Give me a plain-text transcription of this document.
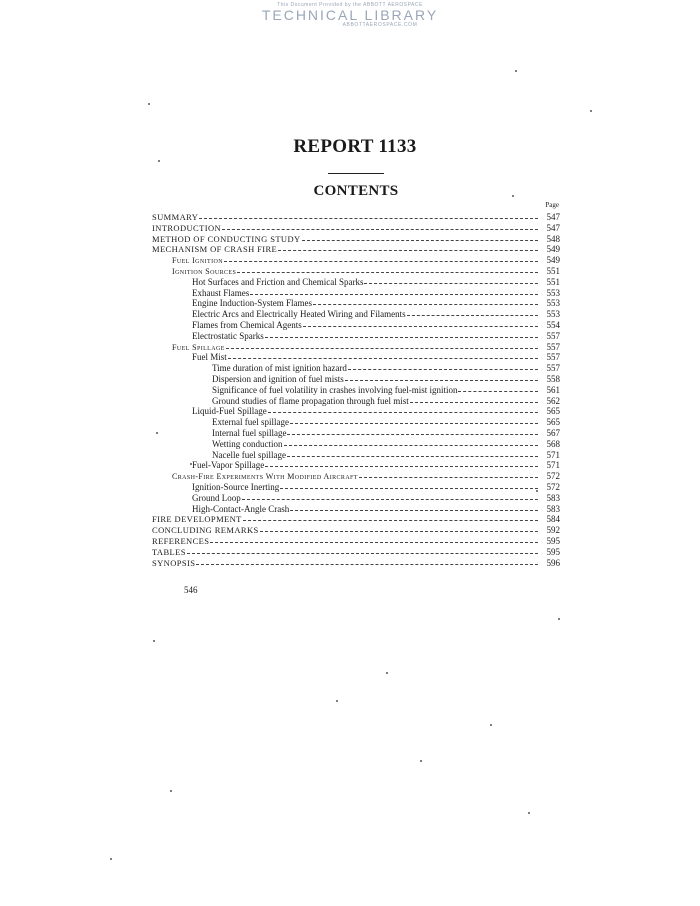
This Document Provided by the ABBOTT AEROSPACE
TECHNICAL LIBRARY
ABBOTTAEROSPACE.COM
REPORT 1133
CONTENTS
Page
SUMMARY	547
INTRODUCTION	547
METHOD OF CONDUCTING STUDY	548
MECHANISM OF CRASH FIRE	549
Fuel Ignition	549
Ignition Sources	551
Hot Surfaces and Friction and Chemical Sparks	551
Exhaust Flames	553
Engine Induction-System Flames	553
Electric Arcs and Electrically Heated Wiring and Filaments	553
Flames from Chemical Agents	554
Electrostatic Sparks	557
Fuel Spillage	557
Fuel Mist	557
Time duration of mist ignition hazard	557
Dispersion and ignition of fuel mists	558
Significance of fuel volatility in crashes involving fuel-mist ignition	561
Ground studies of flame propagation through fuel mist	562
Liquid-Fuel Spillage	565
External fuel spillage	565
Internal fuel spillage	567
Wetting conduction	568
Nacelle fuel spillage	571
Fuel-Vapor Spillage	571
Crash-Fire Experiments With Modified Aircraft	572
Ignition-Source Inerting	572
Ground Loop	583
High-Contact-Angle Crash	583
FIRE DEVELOPMENT	584
CONCLUDING REMARKS	592
REFERENCES	595
TABLES	595
SYNOPSIS	596
546
